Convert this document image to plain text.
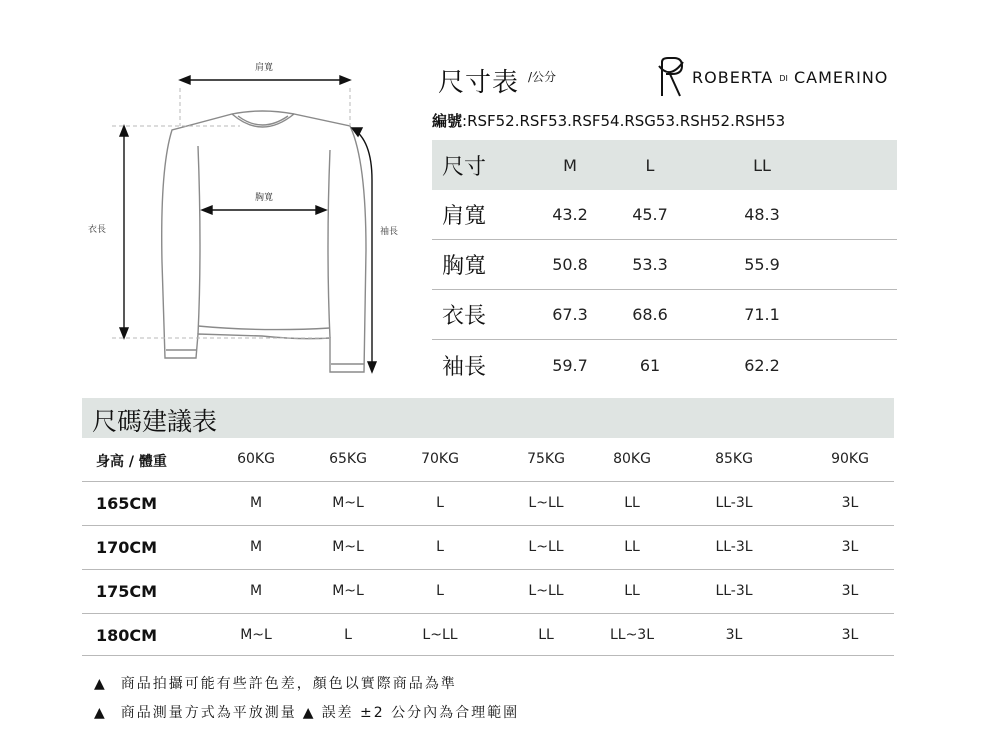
肩寬
胸寬
衣長	袖長
尺寸表 /公分	ROBERTA DI CAMERINO
編號:RSF52.RSF53.RSF54.RSG53.RSH52.RSH53
尺寸	M	L	LL
肩寬	43.2	45.7	48.3
胸寬	50.8	53.3	55.9
衣長	67.3	68.6	71.1
袖長	59.7	61	62.2
尺碼建議表
身高 / 體重	60KG	65KG	70KG	75KG	80KG	85KG	90KG
165CM	M	M~L	L	L~LL	LL	LL-3L	3L
170CM	M	M~L	L	L~LL	LL	LL-3L	3L
175CM	M	M~L	L	L~LL	LL	LL-3L	3L
180CM	M~L	L	L~LL	LL	LL~3L	3L	3L
▲ 商品拍攝可能有些許色差，顏色以實際商品為準
▲ 商品測量方式為平放測量 ▲ 誤差 ±2 公分內為合理範圍
